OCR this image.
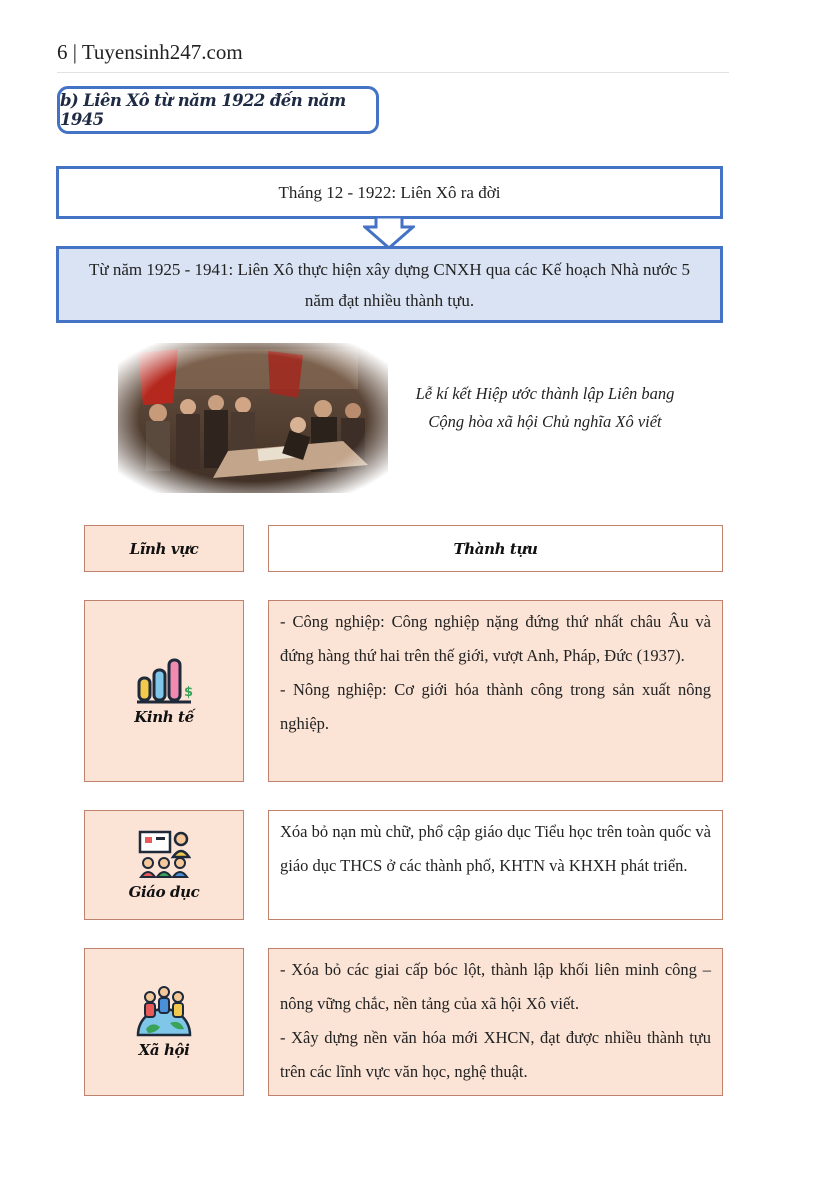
6 | Tuyensinh247.com
b) Liên Xô từ năm 1922 đến năm 1945
Tháng 12 - 1922: Liên Xô ra đời
Từ năm 1925 - 1941: Liên Xô thực hiện xây dựng CNXH qua các Kế hoạch Nhà nước 5 năm đạt nhiều thành tựu.
Lễ kí kết Hiệp ước thành lập Liên bang Cộng hòa xã hội Chủ nghĩa Xô viết
Lĩnh vực	Thành tựu
$
Kinh tế

- Công nghiệp: Công nghiệp nặng đứng thứ nhất châu Âu và đứng hàng thứ hai trên thế giới, vượt Anh, Pháp, Đức (1937).

- Nông nghiệp: Cơ giới hóa thành công trong sản xuất nông nghiệp.

Giáo dục

Xóa bỏ nạn mù chữ, phổ cập giáo dục Tiểu học trên toàn quốc và giáo dục THCS ở các thành phố, KHTN và KHXH phát triển.

Xã hội

- Xóa bỏ các giai cấp bóc lột, thành lập khối liên minh công – nông vững chắc, nền tảng của xã hội Xô viết.

- Xây dựng nền văn hóa mới XHCN, đạt được nhiều thành tựu trên các lĩnh vực văn học, nghệ thuật.
